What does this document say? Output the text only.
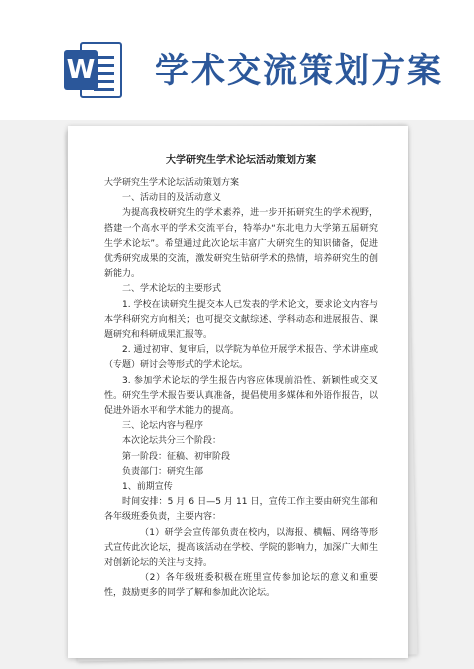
W 学术交流策划方案
大学研究生学术论坛活动策划方案
大学研究生学术论坛活动策划方案
一、活动目的及活动意义
为提高我校研究生的学术素养，进一步开拓研究生的学术视野，搭建一个高水平的学术交流平台，特举办“东北电力大学第五届研究生学术论坛”。希望通过此次论坛丰富广大研究生的知识储备，促进优秀研究成果的交流，激发研究生钻研学术的热情，培养研究生的创新能力。
二、学术论坛的主要形式
1. 学校在读研究生提交本人已发表的学术论文，要求论文内容与本学科研究方向相关；也可提交文献综述、学科动态和进展报告、课题研究和科研成果汇报等。
2. 通过初审、复审后，以学院为单位开展学术报告、学术讲座或（专题）研讨会等形式的学术论坛。
3. 参加学术论坛的学生报告内容应体现前沿性、新颖性或交叉性。研究生学术报告要认真准备，提倡使用多媒体和外语作报告，以促进外语水平和学术能力的提高。
三、论坛内容与程序
本次论坛共分三个阶段：
第一阶段：征稿、初审阶段
负责部门：研究生部
1、前期宣传
时间安排：5 月 6 日—5 月 11 日，宣传工作主要由研究生部和各年级班委负责，主要内容：
（1）研学会宣传部负责在校内，以海报、横幅、网络等形式宣传此次论坛，提高该活动在学校、学院的影响力，加深广大师生对创新论坛的关注与支持。
（2）各年级班委积极在班里宣传参加论坛的意义和重要性，鼓励更多的同学了解和参加此次论坛。
